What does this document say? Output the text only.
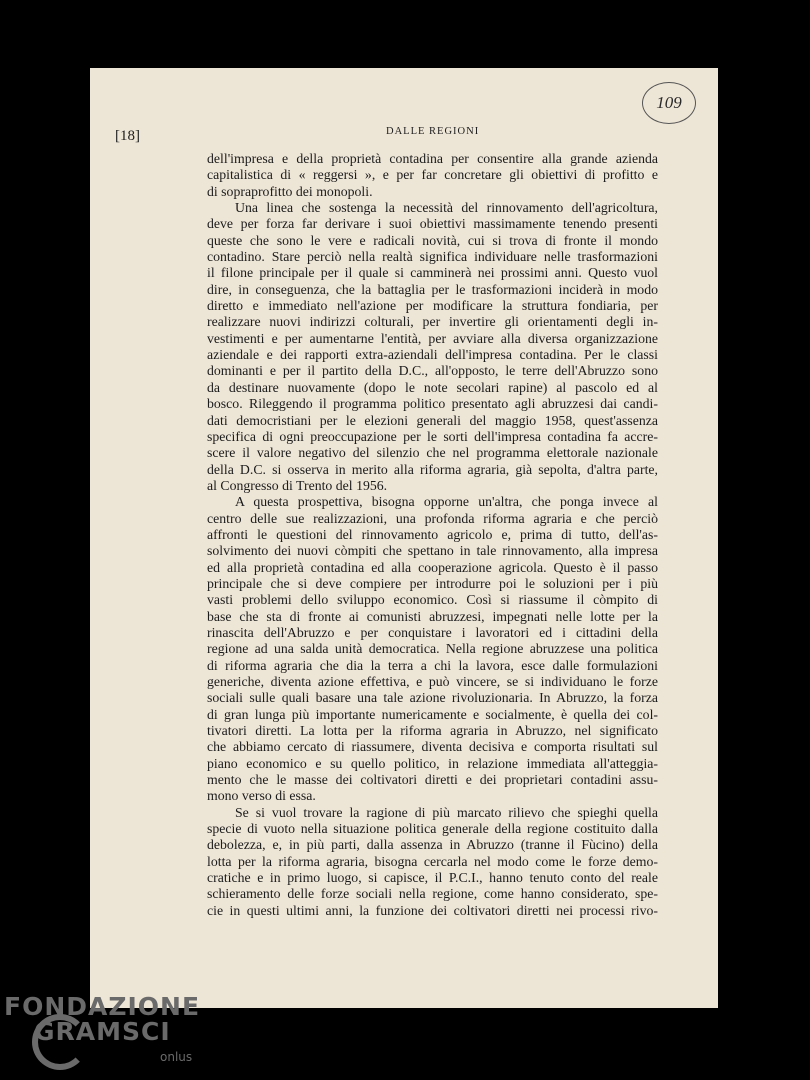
109
[18]	DALLE REGIONI
dell'impresa e della proprietà contadina per consentire alla grande azienda
capitalistica di « reggersi », e per far concretare gli obiettivi di profitto e
di sopraprofitto dei monopoli.
Una linea che sostenga la necessità del rinnovamento dell'agricoltura,
deve per forza far derivare i suoi obiettivi massimamente tenendo presenti
queste che sono le vere e radicali novità, cui si trova di fronte il mondo
contadino. Stare perciò nella realtà significa individuare nelle trasformazioni
il filone principale per il quale si camminerà nei prossimi anni. Questo vuol
dire, in conseguenza, che la battaglia per le trasformazioni inciderà in modo
diretto e immediato nell'azione per modificare la struttura fondiaria, per
realizzare nuovi indirizzi colturali, per invertire gli orientamenti degli in-
vestimenti e per aumentarne l'entità, per avviare alla diversa organizzazione
aziendale e dei rapporti extra-aziendali dell'impresa contadina. Per le classi
dominanti e per il partito della D.C., all'opposto, le terre dell'Abruzzo sono
da destinare nuovamente (dopo le note secolari rapine) al pascolo ed al
bosco. Rileggendo il programma politico presentato agli abruzzesi dai candi-
dati democristiani per le elezioni generali del maggio 1958, quest'assenza
specifica di ogni preoccupazione per le sorti dell'impresa contadina fa accre-
scere il valore negativo del silenzio che nel programma elettorale nazionale
della D.C. si osserva in merito alla riforma agraria, già sepolta, d'altra parte,
al Congresso di Trento del 1956.
A questa prospettiva, bisogna opporne un'altra, che ponga invece al
centro delle sue realizzazioni, una profonda riforma agraria e che perciò
affronti le questioni del rinnovamento agricolo e, prima di tutto, dell'as-
solvimento dei nuovi còmpiti che spettano in tale rinnovamento, alla impresa
ed alla proprietà contadina ed alla cooperazione agricola. Questo è il passo
principale che si deve compiere per introdurre poi le soluzioni per i più
vasti problemi dello sviluppo economico. Così si riassume il còmpito di
base che sta di fronte ai comunisti abruzzesi, impegnati nelle lotte per la
rinascita dell'Abruzzo e per conquistare i lavoratori ed i cittadini della
regione ad una salda unità democratica. Nella regione abruzzese una politica
di riforma agraria che dia la terra a chi la lavora, esce dalle formulazioni
generiche, diventa azione effettiva, e può vincere, se si individuano le forze
sociali sulle quali basare una tale azione rivoluzionaria. In Abruzzo, la forza
di gran lunga più importante numericamente e socialmente, è quella dei col-
tivatori diretti. La lotta per la riforma agraria in Abruzzo, nel significato
che abbiamo cercato di riassumere, diventa decisiva e comporta risultati sul
piano economico e su quello politico, in relazione immediata all'atteggia-
mento che le masse dei coltivatori diretti e dei proprietari contadini assu-
mono verso di essa.
Se si vuol trovare la ragione di più marcato rilievo che spieghi quella
specie di vuoto nella situazione politica generale della regione costituito dalla
debolezza, e, in più parti, dalla assenza in Abruzzo (tranne il Fùcino) della
lotta per la riforma agraria, bisogna cercarla nel modo come le forze demo-
cratiche e in primo luogo, si capisce, il P.C.I., hanno tenuto conto del reale
schieramento delle forze sociali nella regione, come hanno considerato, spe-
cie in questi ultimi anni, la funzione dei coltivatori diretti nei processi rivo-
FONDAZIONE
GRAMSCI
onlus
